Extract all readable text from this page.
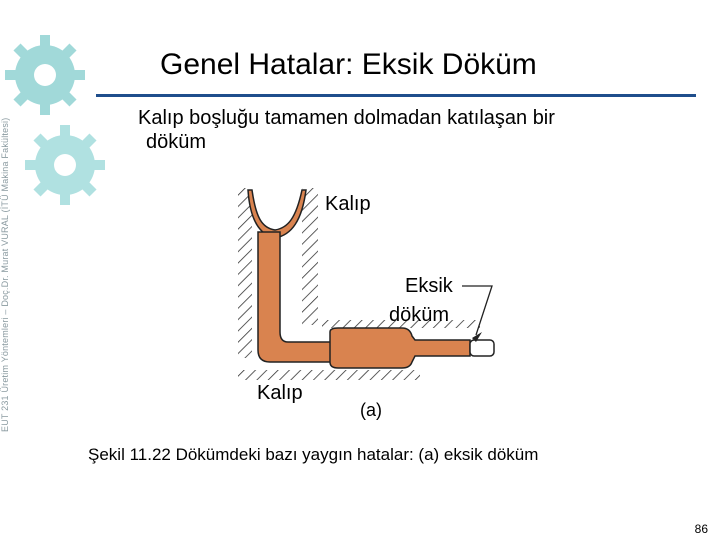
EUT 231 Üretim Yöntemleri – Doç.Dr. Murat VURAL (İTÜ Makina Fakültesi)
Genel Hatalar: Eksik Döküm
Kalıp boşluğu tamamen dolmadan katılaşan bir
döküm
Kalıp
Eksik
döküm
Kalıp
(a)
Şekil 11.22 Dökümdeki bazı yaygın hatalar: (a) eksik döküm
86
